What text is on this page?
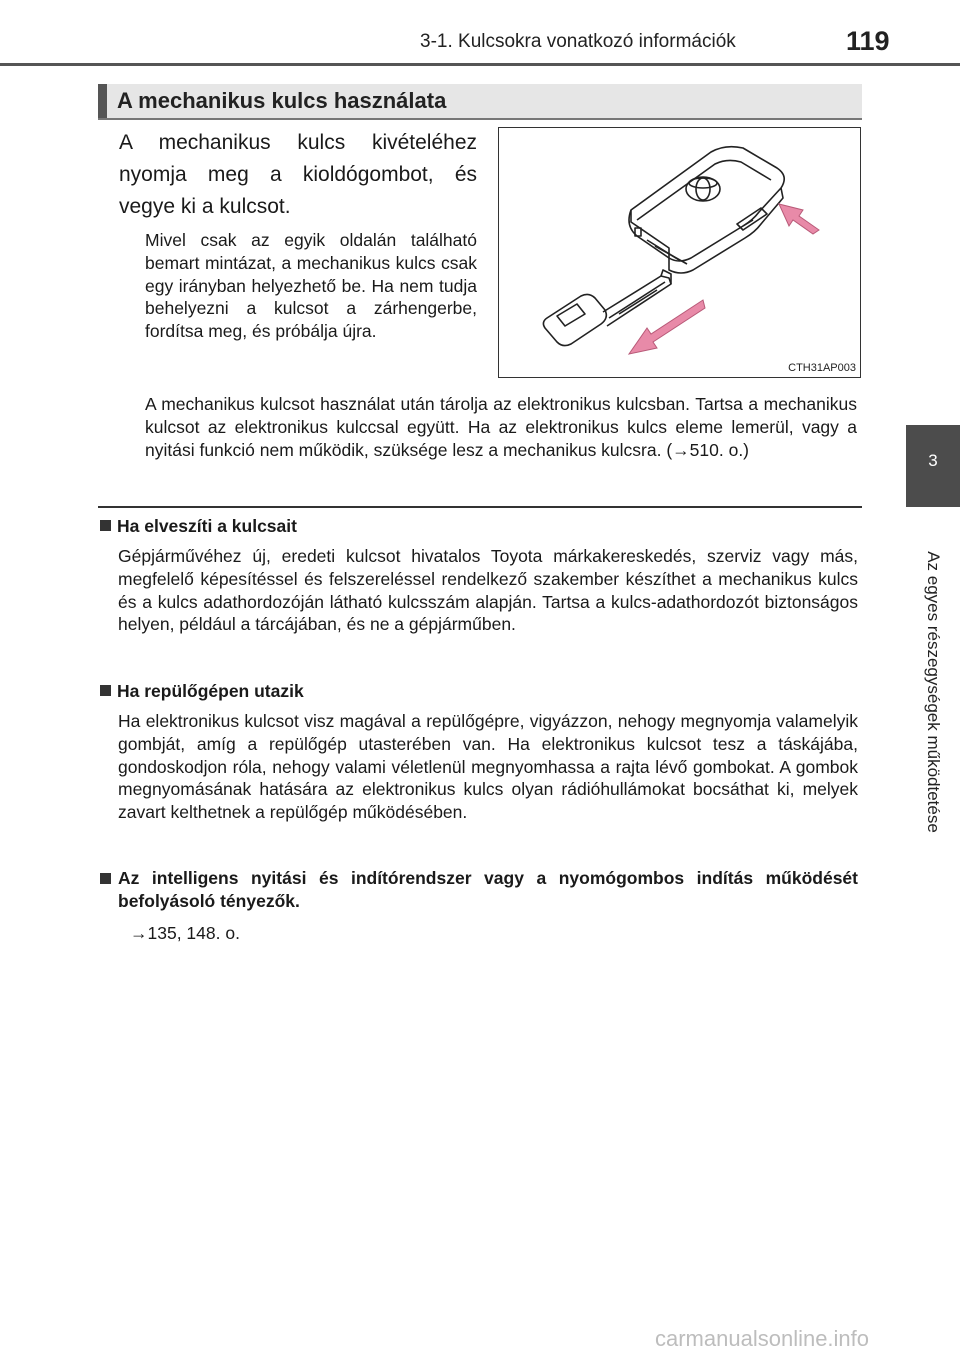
3-1. Kulcsokra vonatkozó információk	119
3
Az egyes részegységek működtetése
A mechanikus kulcs használata
A mechanikus kulcs kivételéhez nyomja meg a kioldógombot, és vegye ki a kulcsot.
Mivel csak az egyik oldalán található bemart mintázat, a mechanikus kulcs csak egy irányban helyezhető be. Ha nem tudja behelyezni a kulcsot a zárhengerbe, fordítsa meg, és próbálja újra.
CTH31AP003
A mechanikus kulcsot használat után tárolja az elektronikus kulcsban. Tartsa a mechanikus kulcsot az elektronikus kulccsal együtt. Ha az elektronikus kulcs eleme lemerül, vagy a nyitási funkció nem működik, szüksége lesz a mechanikus kulcsra. (→510. o.)
Ha elveszíti a kulcsait
Gépjárművéhez új, eredeti kulcsot hivatalos Toyota márkakereskedés, szerviz vagy más, megfelelő képesítéssel és felszereléssel rendelkező szakember készíthet a mechanikus kulcs és a kulcs adathordozóján látható kulcsszám alapján. Tartsa a kulcs-adathordozót biztonságos helyen, például a tárcájában, és ne a gépjárműben.
Ha repülőgépen utazik
Ha elektronikus kulcsot visz magával a repülőgépre, vigyázzon, nehogy megnyomja valamelyik gombját, amíg a repülőgép utasterében van. Ha elektronikus kulcsot tesz a táskájába, gondoskodjon róla, nehogy valami véletlenül megnyomhassa a rajta lévő gombokat. A gombok megnyomásának hatására az elektronikus kulcs olyan rádióhullámokat bocsáthat ki, melyek zavart kelthetnek a repülőgép működésében.
Az intelligens nyitási és indítórendszer vagy a nyomógombos indítás működését befolyásoló tényezők.
→135, 148. o.
carmanualsonline.info
